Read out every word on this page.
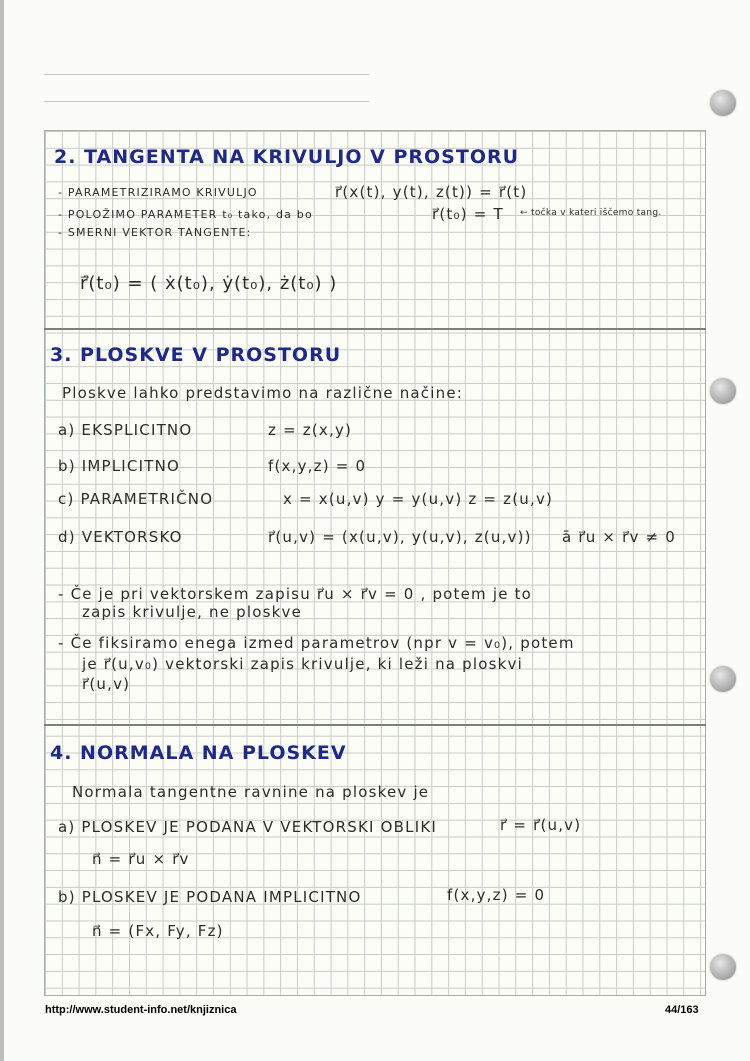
2. TANGENTA NA KRIVULJO V PROSTORU
- PARAMETRIZIRAMO KRIVULJO	r⃗(x(t), y(t), z(t)) = r⃗(t)
- POLOŽIMO PARAMETER t₀ tako, da bo	r⃗(t₀) = T ← točka v kateri iščemo tang.
- SMERNI VEKTOR TANGENTE:
r⃗̇(t₀) = ( ẋ(t₀), ẏ(t₀), ż(t₀) )
3. PLOSKVE V PROSTORU
Ploskve lahko predstavimo na različne načine:
a) EKSPLICITNO	z = z(x,y)
b) IMPLICITNO	f(x,y,z) = 0
c) PARAMETRIČNO	x = x(u,v) y = y(u,v) z = z(u,v)
d) VEKTORSKO	r⃗(u,v) = (x(u,v), y(u,v), z(u,v)) ā r⃗u × r⃗v ≠ 0
- Če je pri vektorskem zapisu r⃗u × r⃗v = 0 , potem je to
zapis krivulje, ne ploskve
- Če fiksiramo enega izmed parametrov (npr v = v₀), potem
je r⃗(u,v₀) vektorski zapis krivulje, ki leži na ploskvi
r⃗(u,v)
4. NORMALA NA PLOSKEV
Normala tangentne ravnine na ploskev je
a) PLOSKEV JE PODANA V VEKTORSKI OBLIKI	r⃗ = r⃗(u,v)
n⃗ = r⃗u × r⃗v
b) PLOSKEV JE PODANA IMPLICITNO	f(x,y,z) = 0
n⃗ = (Fx, Fy, Fz)
http://www.student-info.net/knjiznica	44/163
